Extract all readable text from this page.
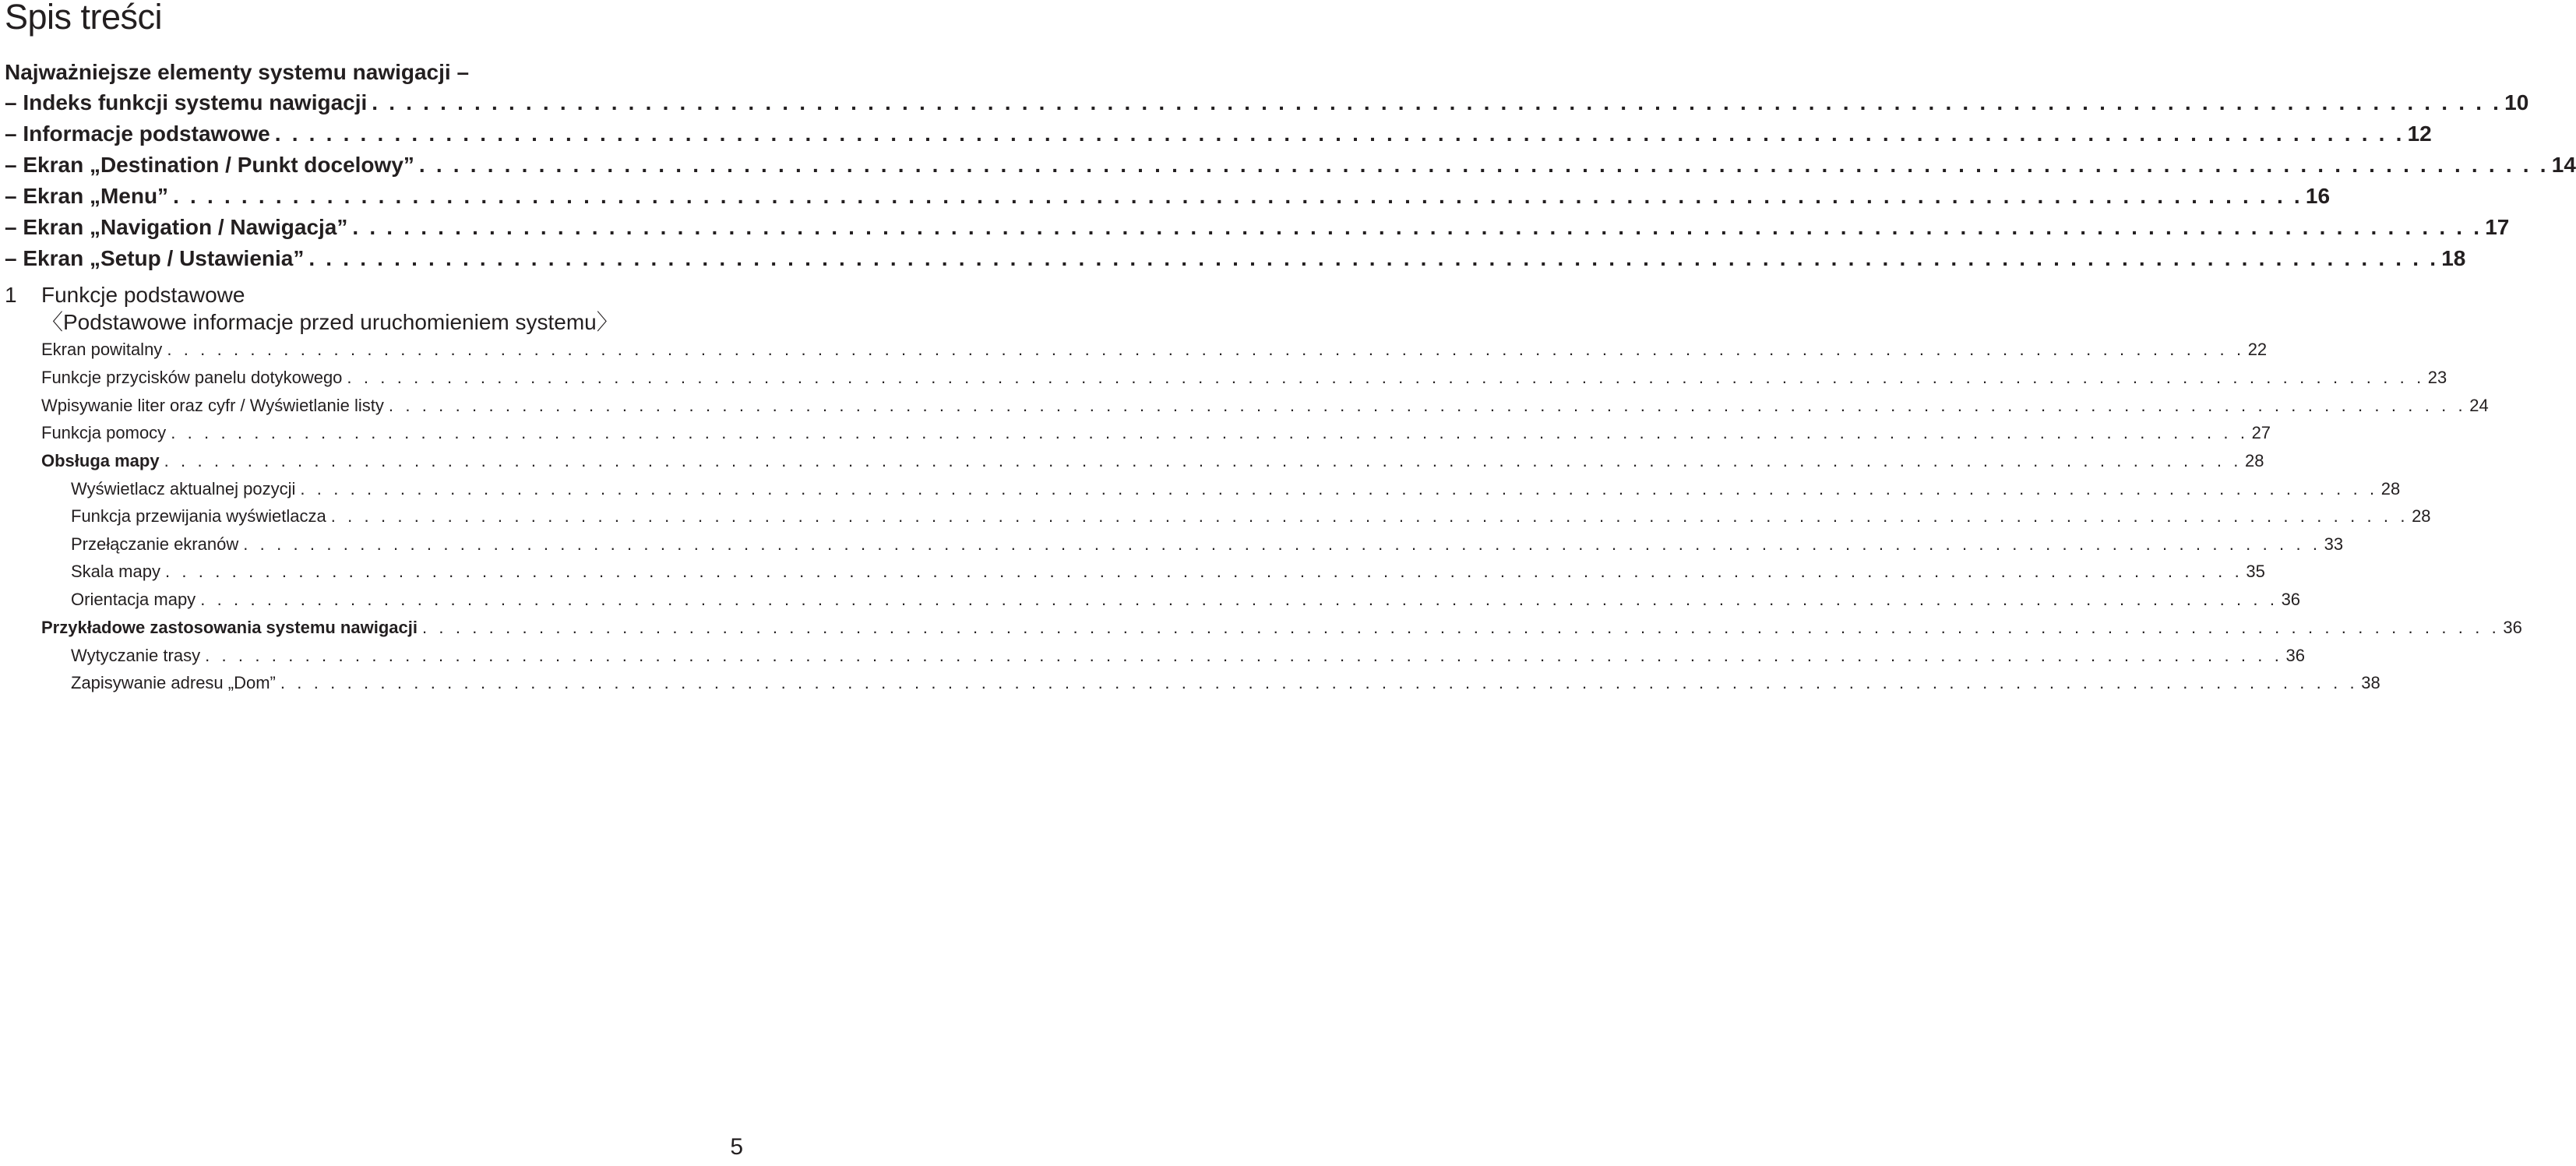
Spis treści
Najważniejsze elementy systemu nawigacji –
– Indeks funkcji systemu nawigacji . . . . . . . . . . . . . . . . . . . . . . . . . . . . . . . . . . . . . . . . . . . . . . . . . . . . . . . . . . . . . . . . . . . . . . . . . . . . . . . . . . . . . . . . . . . . . . . . . . . . . . . . . . . . . . . . . . . . . . . . . . . . . 10
– Informacje podstawowe . . . . . . . . . . . . . . . . . . . . . . . . . . . . . . . . . . . . . . . . . . . . . . . . . . . . . . . . . . . . . . . . . . . . . . . . . . . . . . . . . . . . . . . . . . . . . . . . . . . . . . . . . . . . . . . . . . . . . . . . . . . . . 12
– Ekran „Destination / Punkt docelowy” . . . . . . . . . . . . . . . . . . . . . . . . . . . . . . . . . . . . . . . . . . . . . . . . . . . . . . . . . . . . . . . . . . . . . . . . . . . . . . . . . . . . . . . . . . . . . . . . . . . . . . . . . . . . . . . . . . . . . . . . . . . . . 14
– Ekran „Menu” . . . . . . . . . . . . . . . . . . . . . . . . . . . . . . . . . . . . . . . . . . . . . . . . . . . . . . . . . . . . . . . . . . . . . . . . . . . . . . . . . . . . . . . . . . . . . . . . . . . . . . . . . . . . . . . . . . . . . . . . . . . . . 16
– Ekran „Navigation / Nawigacja” . . . . . . . . . . . . . . . . . . . . . . . . . . . . . . . . . . . . . . . . . . . . . . . . . . . . . . . . . . . . . . . . . . . . . . . . . . . . . . . . . . . . . . . . . . . . . . . . . . . . . . . . . . . . . . . . . . . . . . . . . . . . . 17
– Ekran „Setup / Ustawienia” . . . . . . . . . . . . . . . . . . . . . . . . . . . . . . . . . . . . . . . . . . . . . . . . . . . . . . . . . . . . . . . . . . . . . . . . . . . . . . . . . . . . . . . . . . . . . . . . . . . . . . . . . . . . . . . . . . . . . . . . . . . . . 18
1 Funkcje podstawowe
〈Podstawowe informacje przed uruchomieniem systemu〉
Ekran powitalny . . . . . . . . . . . . . . . . . . . . . . . . . . . . . . . . . . . . . . . . . . . . . . . . . . . . . . . . . . . . . . . . . . . . . . . . . . . . . . . . . . . . . . . . . . . . . . . . . . . . . . . . . . . . . . . . . . . . . . . . . . . . . 22
Funkcje przycisków panelu dotykowego . . . . . . . . . . . . . . . . . . . . . . . . . . . . . . . . . . . . . . . . . . . . . . . . . . . . . . . . . . . . . . . . . . . . . . . . . . . . . . . . . . . . . . . . . . . . . . . . . . . . . . . . . . . . . . . . . . . . . . . . . . . . . 23
Wpisywanie liter oraz cyfr / Wyświetlanie listy . . . . . . . . . . . . . . . . . . . . . . . . . . . . . . . . . . . . . . . . . . . . . . . . . . . . . . . . . . . . . . . . . . . . . . . . . . . . . . . . . . . . . . . . . . . . . . . . . . . . . . . . . . . . . . . . . . . . . . . . . . . . . 24
Funkcja pomocy . . . . . . . . . . . . . . . . . . . . . . . . . . . . . . . . . . . . . . . . . . . . . . . . . . . . . . . . . . . . . . . . . . . . . . . . . . . . . . . . . . . . . . . . . . . . . . . . . . . . . . . . . . . . . . . . . . . . . . . . . . . . . 27
Obsługa mapy . . . . . . . . . . . . . . . . . . . . . . . . . . . . . . . . . . . . . . . . . . . . . . . . . . . . . . . . . . . . . . . . . . . . . . . . . . . . . . . . . . . . . . . . . . . . . . . . . . . . . . . . . . . . . . . . . . . . . . . . . . . . . 28
Wyświetlacz aktualnej pozycji . . . . . . . . . . . . . . . . . . . . . . . . . . . . . . . . . . . . . . . . . . . . . . . . . . . . . . . . . . . . . . . . . . . . . . . . . . . . . . . . . . . . . . . . . . . . . . . . . . . . . . . . . . . . . . . . . . . . . . . . . . . . . 28
Funkcja przewijania wyświetlacza . . . . . . . . . . . . . . . . . . . . . . . . . . . . . . . . . . . . . . . . . . . . . . . . . . . . . . . . . . . . . . . . . . . . . . . . . . . . . . . . . . . . . . . . . . . . . . . . . . . . . . . . . . . . . . . . . . . . . . . . . . . . . 28
Przełączanie ekranów . . . . . . . . . . . . . . . . . . . . . . . . . . . . . . . . . . . . . . . . . . . . . . . . . . . . . . . . . . . . . . . . . . . . . . . . . . . . . . . . . . . . . . . . . . . . . . . . . . . . . . . . . . . . . . . . . . . . . . . . . . . . . 33
Skala mapy . . . . . . . . . . . . . . . . . . . . . . . . . . . . . . . . . . . . . . . . . . . . . . . . . . . . . . . . . . . . . . . . . . . . . . . . . . . . . . . . . . . . . . . . . . . . . . . . . . . . . . . . . . . . . . . . . . . . . . . . . . . . . 35
Orientacja mapy . . . . . . . . . . . . . . . . . . . . . . . . . . . . . . . . . . . . . . . . . . . . . . . . . . . . . . . . . . . . . . . . . . . . . . . . . . . . . . . . . . . . . . . . . . . . . . . . . . . . . . . . . . . . . . . . . . . . . . . . . . . . . 36
Przykładowe zastosowania systemu nawigacji . . . . . . . . . . . . . . . . . . . . . . . . . . . . . . . . . . . . . . . . . . . . . . . . . . . . . . . . . . . . . . . . . . . . . . . . . . . . . . . . . . . . . . . . . . . . . . . . . . . . . . . . . . . . . . . . . . . . . . . . . . . . . 36
Wytyczanie trasy . . . . . . . . . . . . . . . . . . . . . . . . . . . . . . . . . . . . . . . . . . . . . . . . . . . . . . . . . . . . . . . . . . . . . . . . . . . . . . . . . . . . . . . . . . . . . . . . . . . . . . . . . . . . . . . . . . . . . . . . . . . . . 36
Zapisywanie adresu „Dom” . . . . . . . . . . . . . . . . . . . . . . . . . . . . . . . . . . . . . . . . . . . . . . . . . . . . . . . . . . . . . . . . . . . . . . . . . . . . . . . . . . . . . . . . . . . . . . . . . . . . . . . . . . . . . . . . . . . . . . . . . . . . . 38
5
